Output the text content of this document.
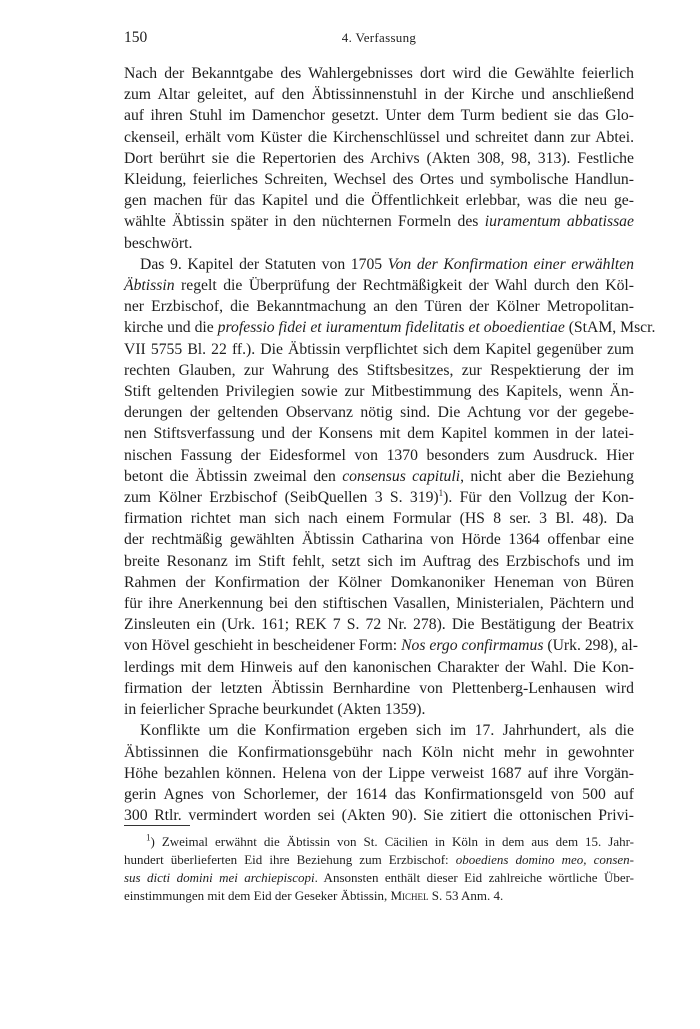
150	4. Verfassung
Nach der Bekanntgabe des Wahlergebnisses dort wird die Gewählte feierlich
zum Altar geleitet, auf den Äbtissinnenstuhl in der Kirche und anschließend
auf ihren Stuhl im Damenchor gesetzt. Unter dem Turm bedient sie das Glo-
ckenseil, erhält vom Küster die Kirchenschlüssel und schreitet dann zur Abtei.
Dort berührt sie die Repertorien des Archivs (Akten 308, 98, 313). Festliche
Kleidung, feierliches Schreiten, Wechsel des Ortes und symbolische Handlun-
gen machen für das Kapitel und die Öffentlichkeit erlebbar, was die neu ge-
wählte Äbtissin später in den nüchternen Formeln des iuramentum abbatissae
beschwört.
Das 9. Kapitel der Statuten von 1705 Von der Konfirmation einer erwählten
Äbtissin regelt die Überprüfung der Rechtmäßigkeit der Wahl durch den Köl-
ner Erzbischof, die Bekanntmachung an den Türen der Kölner Metropolitan-
kirche und die professio fidei et iuramentum fidelitatis et oboedientiae (StAM, Mscr.
VII 5755 Bl. 22 ff.). Die Äbtissin verpflichtet sich dem Kapitel gegenüber zum
rechten Glauben, zur Wahrung des Stiftsbesitzes, zur Respektierung der im
Stift geltenden Privilegien sowie zur Mitbestimmung des Kapitels, wenn Än-
derungen der geltenden Observanz nötig sind. Die Achtung vor der gegebe-
nen Stiftsverfassung und der Konsens mit dem Kapitel kommen in der latei-
nischen Fassung der Eidesformel von 1370 besonders zum Ausdruck. Hier
betont die Äbtissin zweimal den consensus capituli, nicht aber die Beziehung
zum Kölner Erzbischof (SeibQuellen 3 S. 319)$^1$). Für den Vollzug der Kon-
firmation richtet man sich nach einem Formular (HS 8 ser. 3 Bl. 48). Da
der rechtmäßig gewählten Äbtissin Catharina von Hörde 1364 offenbar eine
breite Resonanz im Stift fehlt, setzt sich im Auftrag des Erzbischofs und im
Rahmen der Konfirmation der Kölner Domkanoniker Heneman von Büren
für ihre Anerkennung bei den stiftischen Vasallen, Ministerialen, Pächtern und
Zinsleuten ein (Urk. 161; REK 7 S. 72 Nr. 278). Die Bestätigung der Beatrix
von Hövel geschieht in bescheidener Form: Nos ergo confirmamus (Urk. 298), al-
lerdings mit dem Hinweis auf den kanonischen Charakter der Wahl. Die Kon-
firmation der letzten Äbtissin Bernhardine von Plettenberg-Lenhausen wird
in feierlicher Sprache beurkundet (Akten 1359).
Konflikte um die Konfirmation ergeben sich im 17. Jahrhundert, als die
Äbtissinnen die Konfirmationsgebühr nach Köln nicht mehr in gewohnter
Höhe bezahlen können. Helena von der Lippe verweist 1687 auf ihre Vorgän-
gerin Agnes von Schorlemer, der 1614 das Konfirmationsgeld von 500 auf
300 Rtlr. vermindert worden sei (Akten 90). Sie zitiert die ottonischen Privi-
$^1$) Zweimal erwähnt die Äbtissin von St. Cäcilien in Köln in dem aus dem 15. Jahr-
hundert überlieferten Eid ihre Beziehung zum Erzbischof: oboediens domino meo, consen-
sus dicti domini mei archiepiscopi. Ansonsten enthält dieser Eid zahlreiche wörtliche Über-
einstimmungen mit dem Eid der Geseker Äbtissin, Michel S. 53 Anm. 4.
